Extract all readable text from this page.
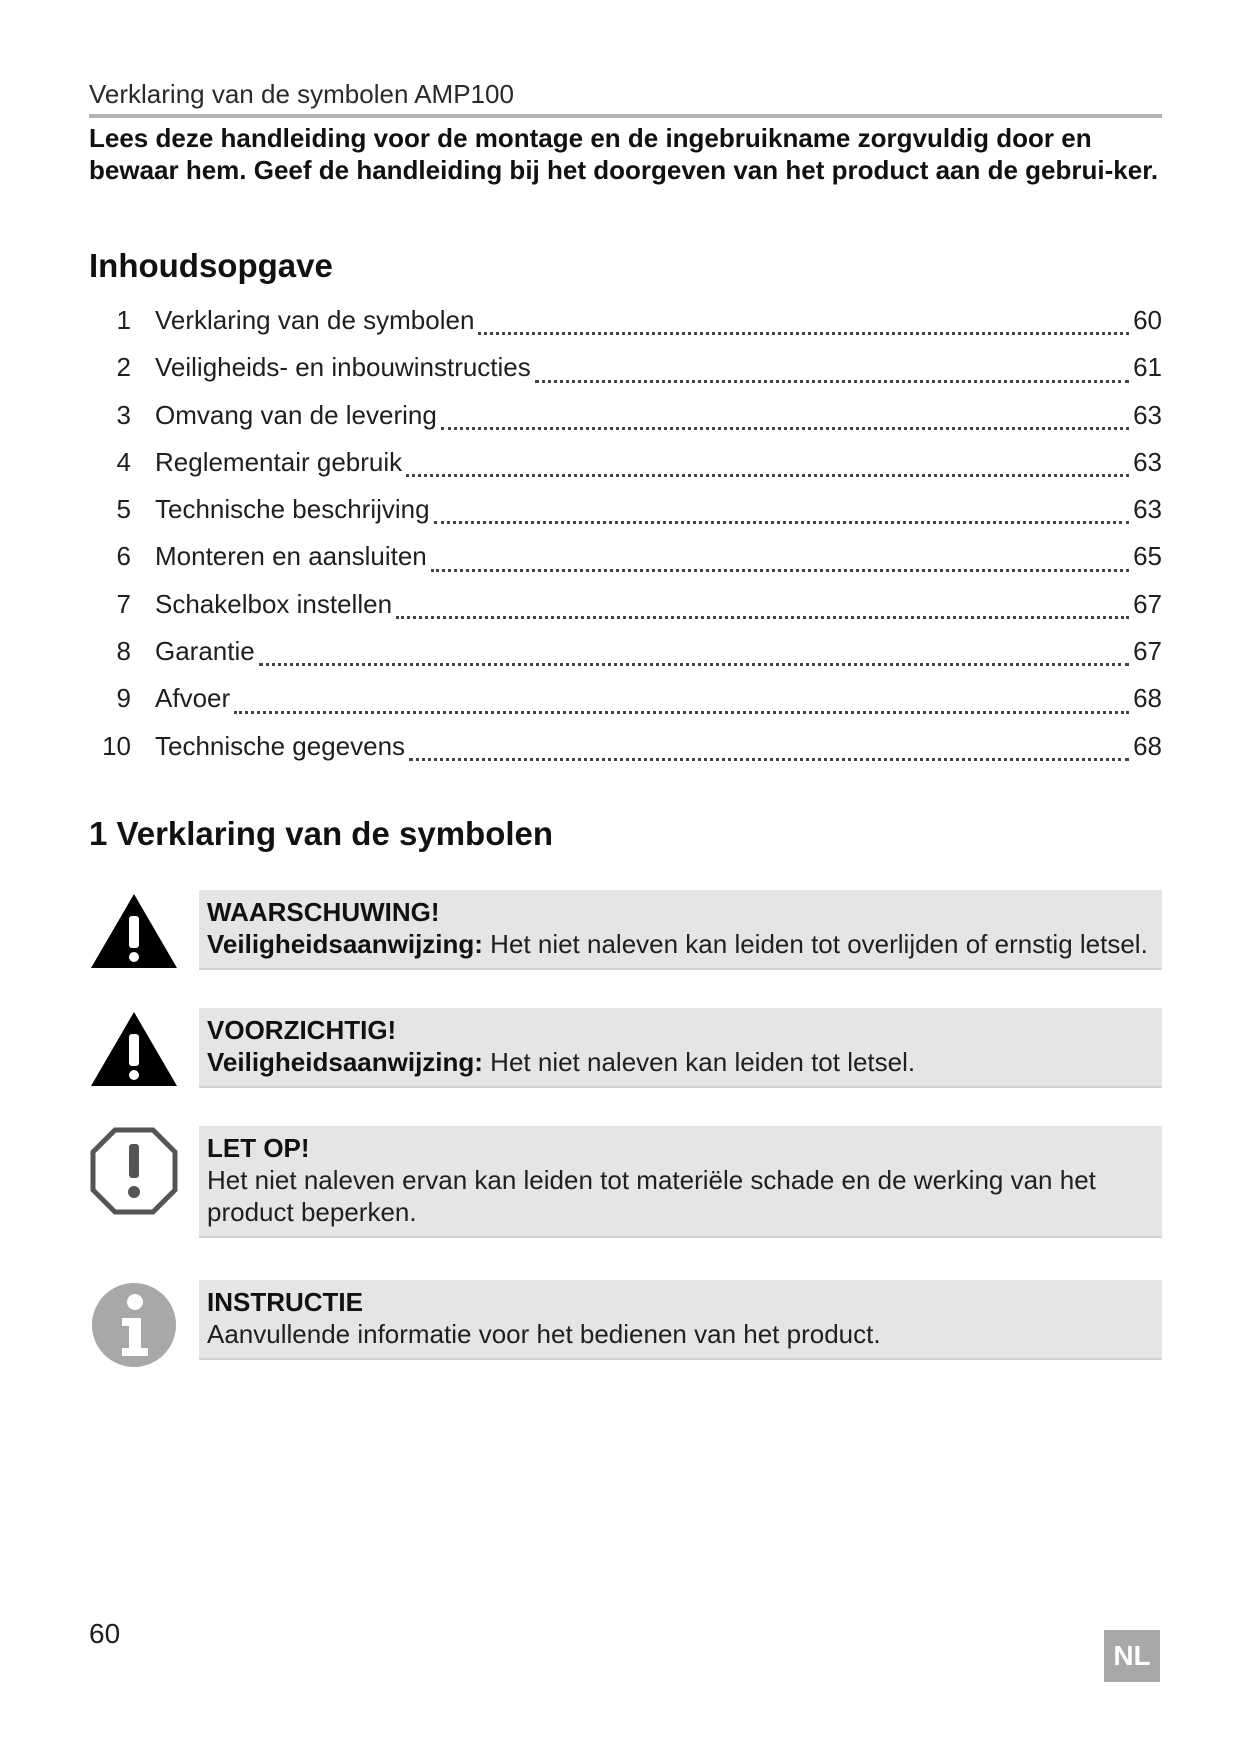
Verklaring van de symbolen AMP100
Lees deze handleiding voor de montage en de ingebruikname zorgvuldig door en bewaar hem. Geef de handleiding bij het doorgeven van het product aan de gebrui-ker.
Inhoudsopgave
1 Verklaring van de symbolen	60
2 Veiligheids- en inbouwinstructies	61
3 Omvang van de levering	63
4 Reglementair gebruik	63
5 Technische beschrijving	63
6 Monteren en aansluiten	65
7 Schakelbox instellen	67
8 Garantie	67
9 Afvoer	68
10 Technische gegevens	68
1 Verklaring van de symbolen
WAARSCHUWING!
Veiligheidsaanwijzing: Het niet naleven kan leiden tot overlijden of ernstig letsel.
VOORZICHTIG!
Veiligheidsaanwijzing: Het niet naleven kan leiden tot letsel.
LET OP!
Het niet naleven ervan kan leiden tot materiële schade en de werking van het product beperken.
INSTRUCTIE
Aanvullende informatie voor het bedienen van het product.
60
NL
